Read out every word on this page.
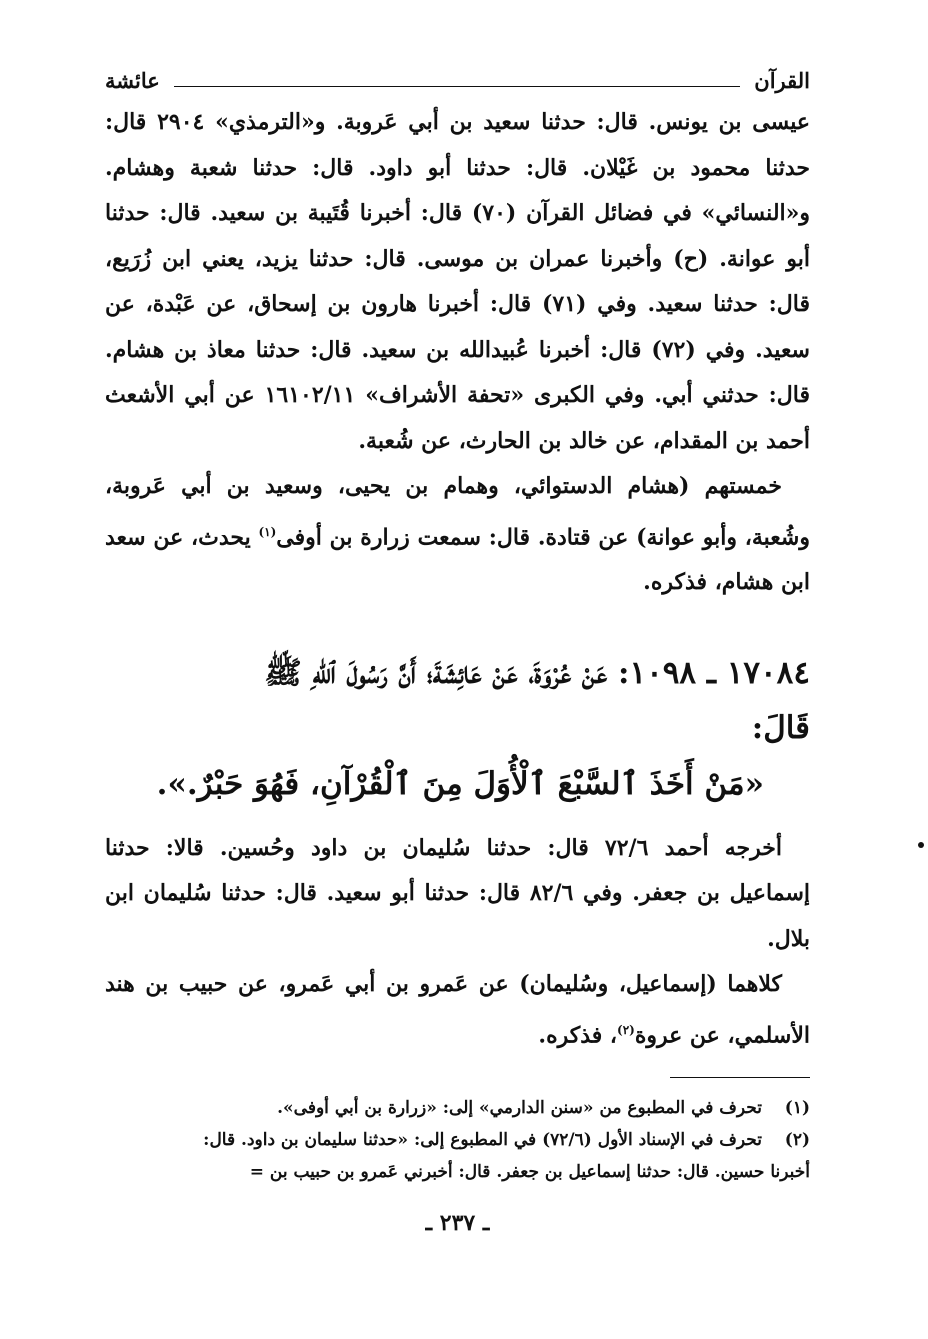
القرآن
عائشة

عيسى بن يونس. قال: حدثنا سعيد بن أبي عَروبة. و«الترمذي» ٢٩٠٤ قال: حدثنا محمود بن غَيْلان. قال: حدثنا أبو داود. قال: حدثنا شعبة وهشام. و«النسائي» في فضائل القرآن (٧٠) قال: أخبرنا قُتَيبة بن سعيد. قال: حدثنا أبو عوانة. (ح) وأخبرنا عمران بن موسى. قال: حدثنا يزيد، يعني ابن زُرَيع، قال: حدثنا سعيد. وفي (٧١) قال: أخبرنا هارون بن إسحاق، عن عَبْدة، عن سعيد. وفي (٧٢) قال: أخبرنا عُبيدالله بن سعيد. قال: حدثنا معاذ بن هشام. قال: حدثني أبي. وفي الكبرى «تحفة الأشراف» ١٦١٠٢/١١ عن أبي الأشعث أحمد بن المقدام، عن خالد بن الحارث، عن شُعبة.

خمستهم (هشام الدستوائي، وهمام بن يحيى، وسعيد بن أبي عَروبة، وشُعبة، وأبو عوانة) عن قتادة. قال: سمعت زرارة بن أوفى$^{(١)}$ يحدث، عن سعد ابن هشام، فذكره.

١٧٠٨٤ ـ ١٠٩٨: عَنْ عُرْوَةَ، عَنْ عَائِشَةَ؛ أَنَّ رَسُولَ ٱللهِ ﷺ
قَالَ:
«مَنْ أَخَذَ ٱلسَّبْعَ ٱلْأُوَلَ مِنَ ٱلْقُرْآنِ، فَهُوَ حَبْرٌ.».

أخرجه أحمد ٧٢/٦ قال: حدثنا سُليمان بن داود وحُسين. قالا: حدثنا إسماعيل بن جعفر. وفي ٨٢/٦ قال: حدثنا أبو سعيد. قال: حدثنا سُليمان ابن بلال.

كلاهما (إسماعيل، وسُليمان) عن عَمرو بن أبي عَمرو، عن حبيب بن هند الأسلمي، عن عروة$^{(٢)}$، فذكره.

(١)
تحرف في المطبوع من «سنن الدارمي» إلى: «زرارة بن أبي أوفى».
(٢)
تحرف في الإسناد الأول (٧٢/٦) في المطبوع إلى: «حدثنا سليمان بن داود. قال:
أخبرنا حسين. قال: حدثنا إسماعيل بن جعفر. قال: أخبرني عَمرو بن حبيب بن =
ـ ٢٣٧ ـ
